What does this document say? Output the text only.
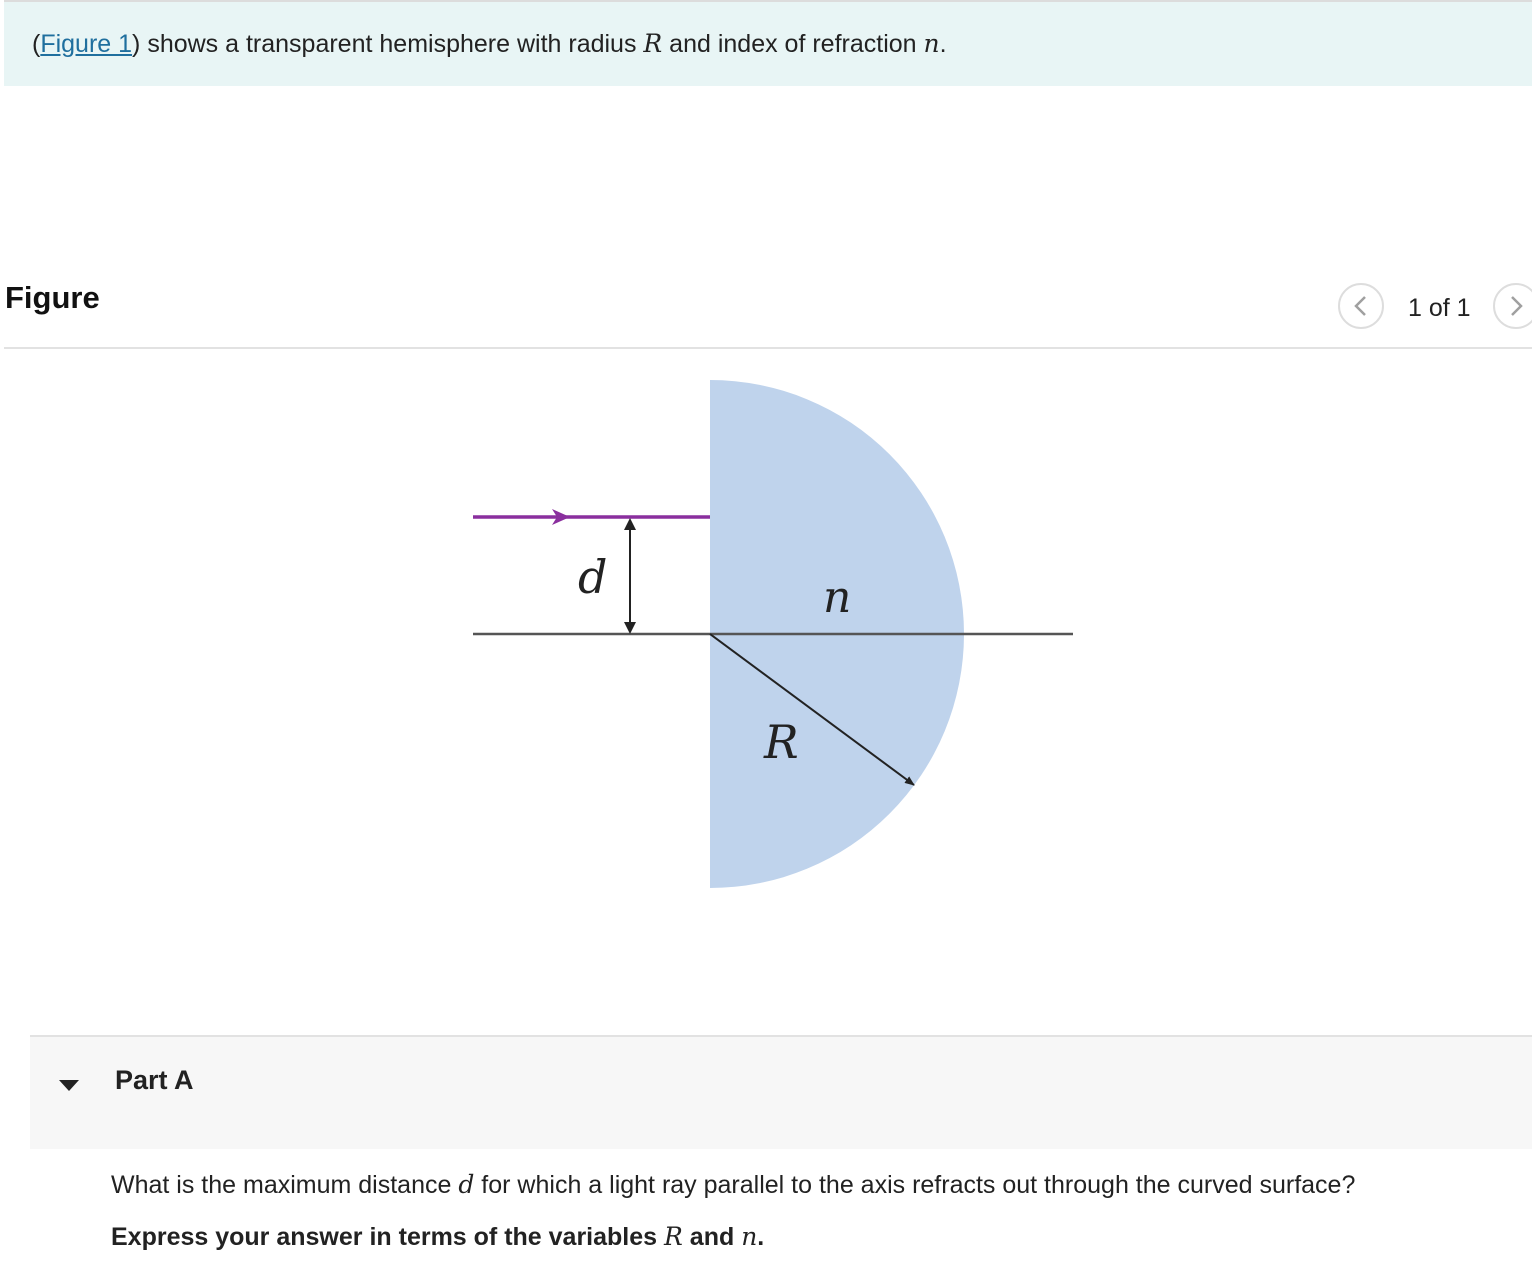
(Figure 1) shows a transparent hemisphere with radius R and index of refraction n.
Figure	1 of 1
d	n
R
Part A
What is the maximum distance d for which a light ray parallel to the axis refracts out through the curved surface?
Express your answer in terms of the variables R and n.
